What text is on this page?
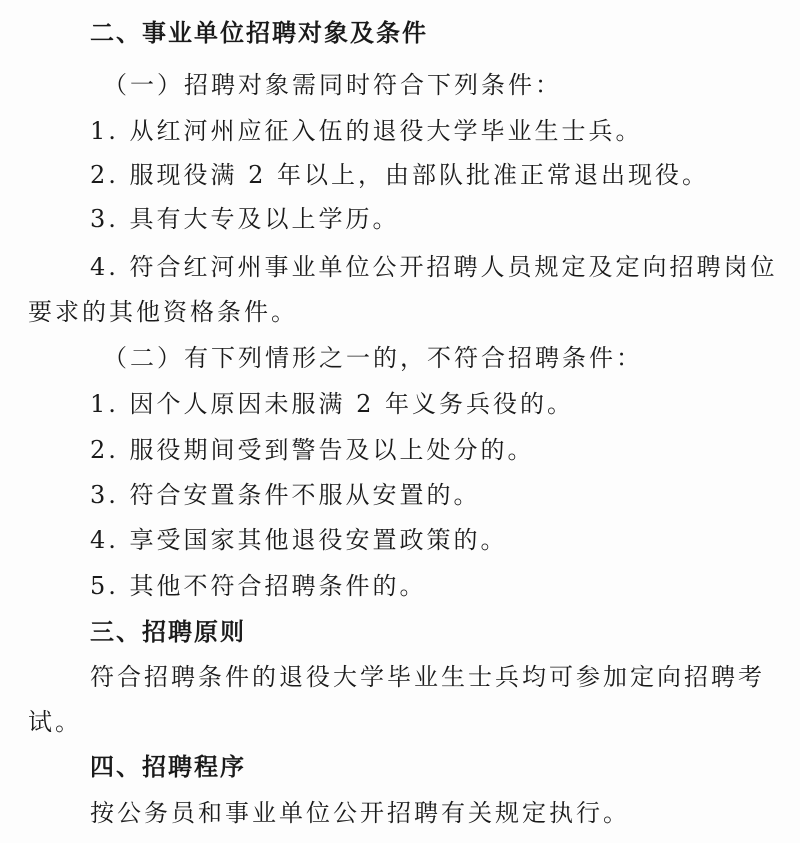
二、事业单位招聘对象及条件
（一）招聘对象需同时符合下列条件：
1. 从红河州应征入伍的退役大学毕业生士兵。
2. 服现役满 2 年以上，由部队批准正常退出现役。
3. 具有大专及以上学历。
4. 符合红河州事业单位公开招聘人员规定及定向招聘岗位
要求的其他资格条件。
（二）有下列情形之一的，不符合招聘条件：
1. 因个人原因未服满 2 年义务兵役的。
2. 服役期间受到警告及以上处分的。
3. 符合安置条件不服从安置的。
4. 享受国家其他退役安置政策的。
5. 其他不符合招聘条件的。
三、招聘原则
符合招聘条件的退役大学毕业生士兵均可参加定向招聘考
试。
四、招聘程序
按公务员和事业单位公开招聘有关规定执行。
